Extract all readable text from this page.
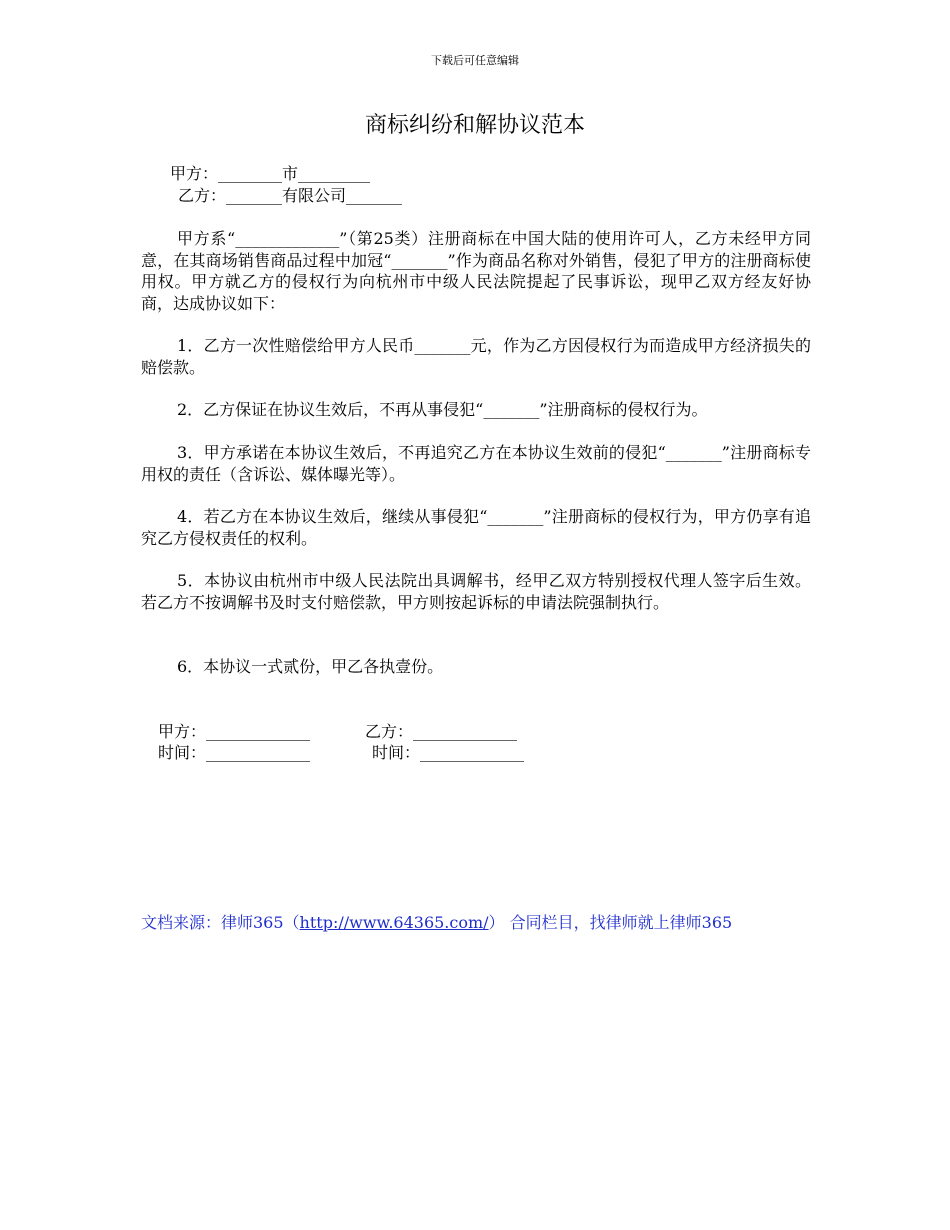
下载后可任意编辑
商标纠纷和解协议范本
甲方：________市_________
乙方：_______有限公司_______

甲方系“_____________”（第25类）注册商标在中国大陆的使用许可人，乙方未经甲方同意，在其商场销售商品过程中加冠“_______”作为商品名称对外销售，侵犯了甲方的注册商标使用权。甲方就乙方的侵权行为向杭州市中级人民法院提起了民事诉讼，现甲乙双方经友好协商，达成协议如下：

1．乙方一次性赔偿给甲方人民币_______元，作为乙方因侵权行为而造成甲方经济损失的赔偿款。

2．乙方保证在协议生效后，不再从事侵犯“_______”注册商标的侵权行为。

3．甲方承诺在本协议生效后，不再追究乙方在本协议生效前的侵犯“_______”注册商标专用权的责任（含诉讼、媒体曝光等）。

4．若乙方在本协议生效后，继续从事侵犯“_______”注册商标的侵权行为，甲方仍享有追究乙方侵权责任的权利。

5．本协议由杭州市中级人民法院出具调解书，经甲乙双方特别授权代理人签字后生效。若乙方不按调解书及时支付赔偿款，甲方则按起诉标的申请法院强制执行。

6．本协议一式贰份，甲乙各执壹份。

甲方：_____________	乙方：_____________
时间：_____________	时间：_____________
文档来源：律师365（http://www.64365.com/） 合同栏目，找律师就上律师365
